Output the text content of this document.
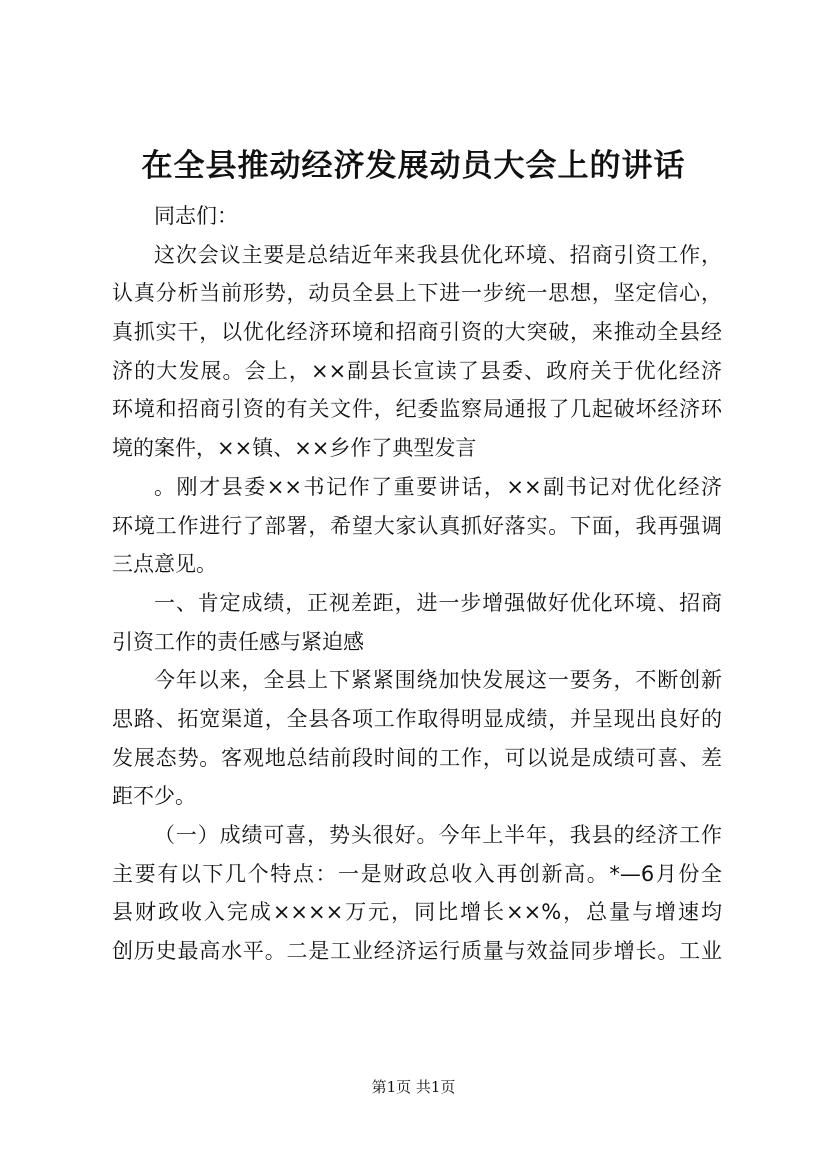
在全县推动经济发展动员大会上的讲话
同志们：
这次会议主要是总结近年来我县优化环境、招商引资工作，
认真分析当前形势，动员全县上下进一步统一思想，坚定信心，
真抓实干，以优化经济环境和招商引资的大突破，来推动全县经
济的大发展。会上，××副县长宣读了县委、政府关于优化经济
环境和招商引资的有关文件，纪委监察局通报了几起破坏经济环
境的案件，××镇、××乡作了典型发言
。刚才县委××书记作了重要讲话，××副书记对优化经济
环境工作进行了部署，希望大家认真抓好落实。下面，我再强调
三点意见。
一、肯定成绩，正视差距，进一步增强做好优化环境、招商
引资工作的责任感与紧迫感
今年以来，全县上下紧紧围绕加快发展这一要务，不断创新
思路、拓宽渠道，全县各项工作取得明显成绩，并呈现出良好的
发展态势。客观地总结前段时间的工作，可以说是成绩可喜、差
距不少。
（一）成绩可喜，势头很好。今年上半年，我县的经济工作
主要有以下几个特点：一是财政总收入再创新高。*—6月份全
县财政收入完成××××万元，同比增长××%，总量与增速均
创历史最高水平。二是工业经济运行质量与效益同步增长。工业
第1页 共1页
